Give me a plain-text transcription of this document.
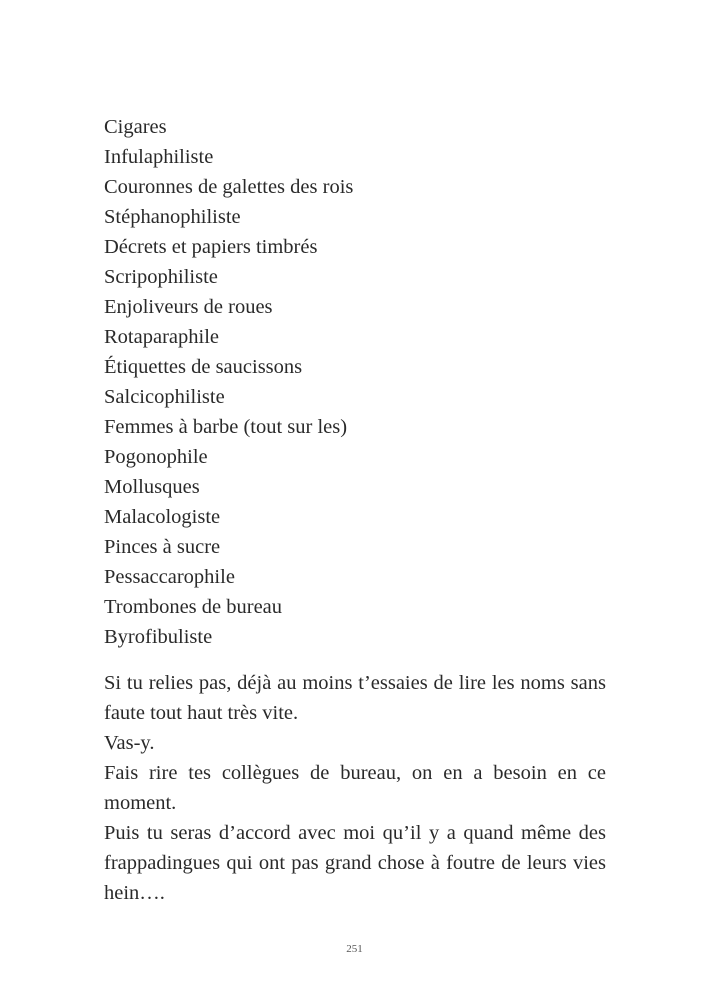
Cigares
Infulaphiliste
Couronnes de galettes des rois
Stéphanophiliste
Décrets et papiers timbrés
Scripophiliste
Enjoliveurs de roues
Rotaparaphile
Étiquettes de saucissons
Salcicophiliste
Femmes à barbe (tout sur les)
Pogonophile
Mollusques
Malacologiste
Pinces à sucre
Pessaccarophile
Trombones de bureau
Byrofibuliste
Si tu relies pas, déjà au moins t’essaies de lire les noms sans faute tout haut très vite.
Vas-y.
Fais rire tes collègues de bureau, on en a besoin en ce moment.
Puis tu seras d’accord avec moi qu’il y a quand même des frappadingues qui ont pas grand chose à foutre de leurs vies hein….
251
